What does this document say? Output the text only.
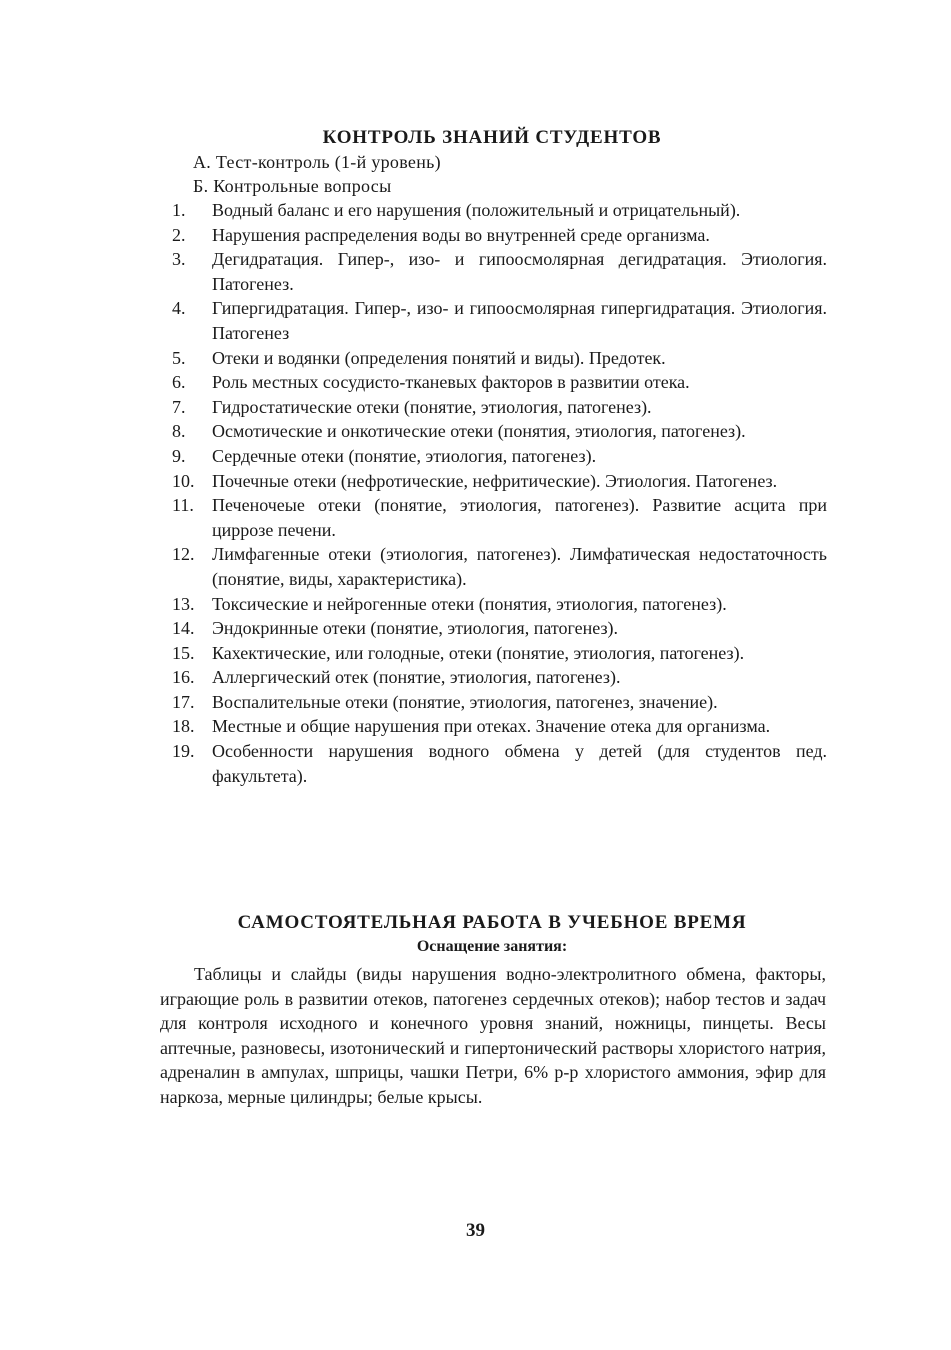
КОНТРОЛЬ ЗНАНИЙ СТУДЕНТОВ
А. Тест-контроль (1-й уровень)
Б. Контрольные вопросы
1.	Водный баланс и его нарушения (положительный и отрицательный).
2.	Нарушения распределения воды во внутренней среде организма.
3.	Дегидратация. Гипер-, изо- и гипоосмолярная дегидратация. Этиология. Патогенез.
4.	Гипергидратация. Гипер-, изо- и гипоосмолярная гипергидратация. Этиология. Патогенез
5.	Отеки и водянки (определения понятий и виды). Предотек.
6.	Роль местных сосудисто-тканевых факторов в развитии отека.
7.	Гидростатические отеки (понятие, этиология, патогенез).
8.	Осмотические и онкотические отеки (понятия, этиология, патогенез).
9.	Сердечные отеки (понятие, этиология, патогенез).
10. Почечные отеки (нефротические, нефритические). Этиология. Патогенез.
11.	Печеночеые отеки (понятие, этиология, патогенез). Развитие асцита при циррозе печени.
12. Лимфагенные отеки (этиология, патогенез). Лимфатическая недостаточность (понятие, виды, характеристика).
13. Токсические и нейрогенные отеки (понятия, этиология, патогенез).
14. Эндокринные отеки (понятие, этиология, патогенез).
15. Кахектические, или голодные, отеки (понятие, этиология, патогенез).
16. Аллергический отек (понятие, этиология, патогенез).
17. Воспалительные отеки (понятие, этиология, патогенез, значение).
18. Местные и общие нарушения при отеках. Значение отека для организма.
19. Особенности нарушения водного обмена у детей (для студентов пед. факультета).
САМОСТОЯТЕЛЬНАЯ РАБОТА В УЧЕБНОЕ ВРЕМЯ
Оснащение занятия:
Таблицы и слайды (виды нарушения водно-электролитного обмена, факторы, играющие роль в развитии отеков, патогенез сердечных отеков); набор тестов и задач для контроля исходного и конечного уровня знаний, ножницы, пинцеты. Весы аптечные, разновесы, изотонический и гипертонический растворы хлористого натрия, адреналин в ампулах, шприцы, чашки Петри, 6% р-р хлористого аммония, эфир для наркоза, мерные цилиндры; белые крысы.
39
